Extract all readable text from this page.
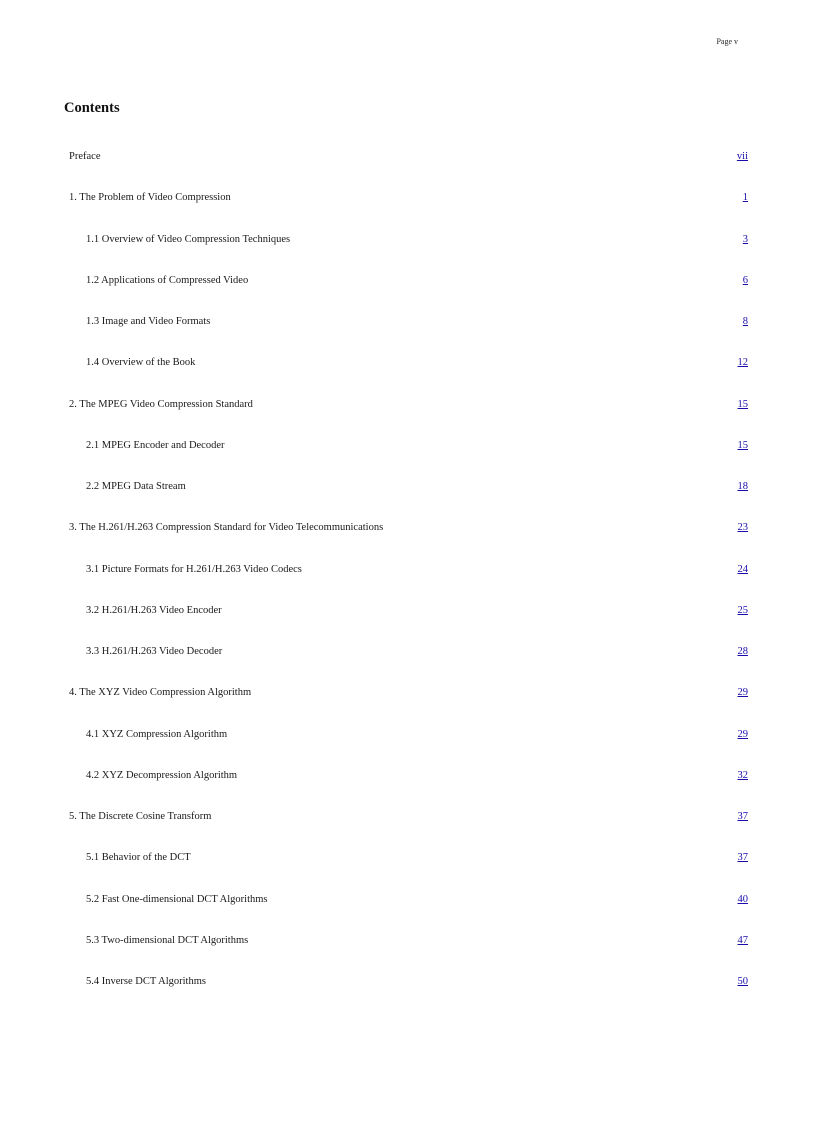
Page v
Contents
Preface	vii
1. The Problem of Video Compression	1
1.1 Overview of Video Compression Techniques	3
1.2 Applications of Compressed Video	6
1.3 Image and Video Formats	8
1.4 Overview of the Book	12
2. The MPEG Video Compression Standard	15
2.1 MPEG Encoder and Decoder	15
2.2 MPEG Data Stream	18
3. The H.261/H.263 Compression Standard for Video Telecommunications	23
3.1 Picture Formats for H.261/H.263 Video Codecs	24
3.2 H.261/H.263 Video Encoder	25
3.3 H.261/H.263 Video Decoder	28
4. The XYZ Video Compression Algorithm	29
4.1 XYZ Compression Algorithm	29
4.2 XYZ Decompression Algorithm	32
5. The Discrete Cosine Transform	37
5.1 Behavior of the DCT	37
5.2 Fast One-dimensional DCT Algorithms	40
5.3 Two-dimensional DCT Algorithms	47
5.4 Inverse DCT Algorithms	50
